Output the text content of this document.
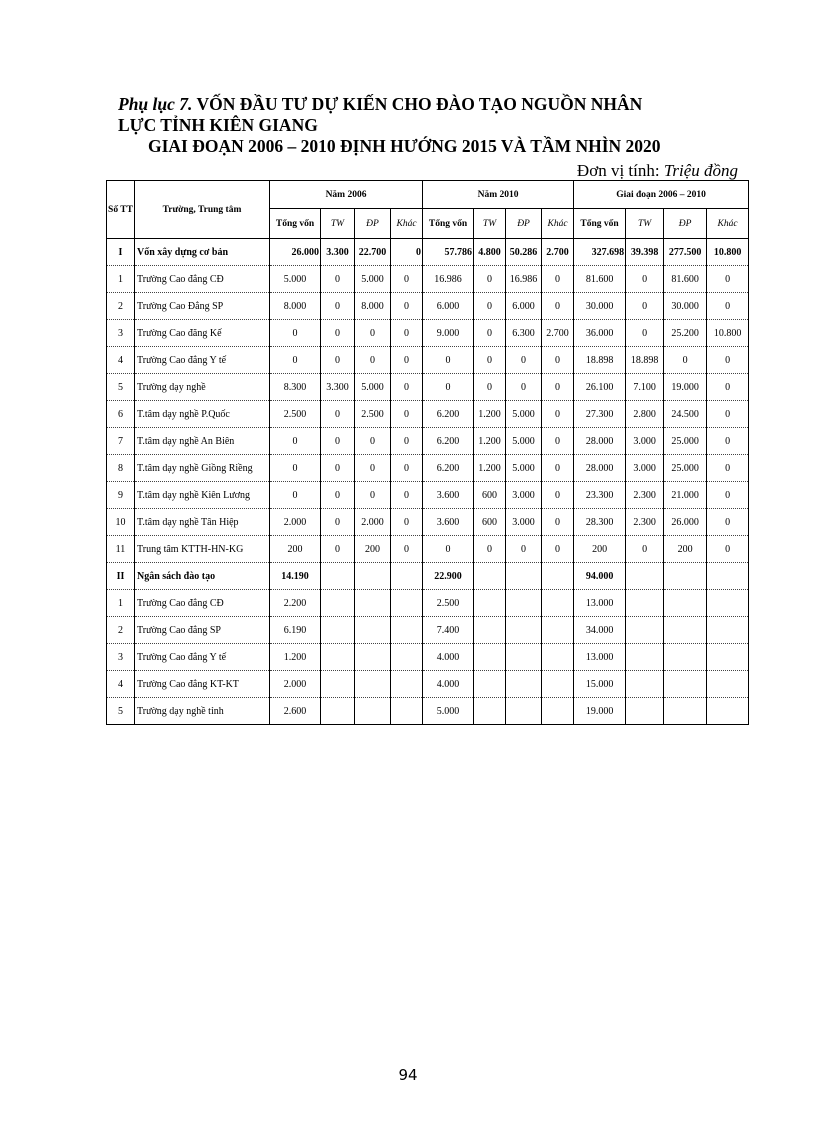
Phụ lục 7. VỐN ĐẦU TƯ DỰ KIẾN CHO ĐÀO TẠO NGUỒN NHÂN
LỰC TỈNH KIÊN GIANG
GIAI ĐOẠN 2006 – 2010 ĐỊNH HƯỚNG 2015 VÀ TẦM NHÌN 2020
Đơn vị tính: Triệu đồng
Số TT	Trường, Trung tâm	Năm 2006				Năm 2010				Giai đoạn 2006 – 2010			
		Tổng vốn	TW	ĐP	Khác	Tổng vốn	TW	ĐP	Khác	Tổng vốn	TW	ĐP	Khác
I	Vốn xây dựng cơ bản	26.000	3.300	22.700	0	57.786	4.800	50.286	2.700	327.698	39.398	277.500	10.800
1	Trường Cao đẳng CĐ	5.000	0	5.000	0	16.986	0	16.986	0	81.600	0	81.600	0
2	Trường Cao Đẳng SP	8.000	0	8.000	0	6.000	0	6.000	0	30.000	0	30.000	0
3	Trường Cao đăng Kế	0	0	0	0	9.000	0	6.300	2.700	36.000	0	25.200	10.800
4	Trường Cao đẳng Y tế	0	0	0	0	0	0	0	0	18.898	18.898	0	0
5	Trường dạy nghề	8.300	3.300	5.000	0	0	0	0	0	26.100	7.100	19.000	0
6	T.tâm dạy nghề P.Quốc	2.500	0	2.500	0	6.200	1.200	5.000	0	27.300	2.800	24.500	0
7	T.tâm dạy nghề An Biên	0	0	0	0	6.200	1.200	5.000	0	28.000	3.000	25.000	0
8	T.tâm dạy nghề Giồng Riềng	0	0	0	0	6.200	1.200	5.000	0	28.000	3.000	25.000	0
9	T.tâm dạy nghề Kiên Lương	0	0	0	0	3.600	600	3.000	0	23.300	2.300	21.000	0
10	T.tâm dạy nghề Tân Hiệp	2.000	0	2.000	0	3.600	600	3.000	0	28.300	2.300	26.000	0
11	Trung tâm KTTH-HN-KG	200	0	200	0	0	0	0	0	200	0	200	0
II	Ngân sách đào tạo	14.190				22.900				94.000			
1	Trường Cao đẳng CĐ	2.200				2.500				13.000			
2	Trường Cao đẳng SP	6.190				7.400				34.000			
3	Trường Cao đẳng Y tế	1.200				4.000				13.000			
4	Trường Cao đẳng KT-KT	2.000				4.000				15.000			
5	Trường dạy nghề tỉnh	2.600				5.000				19.000			
94
